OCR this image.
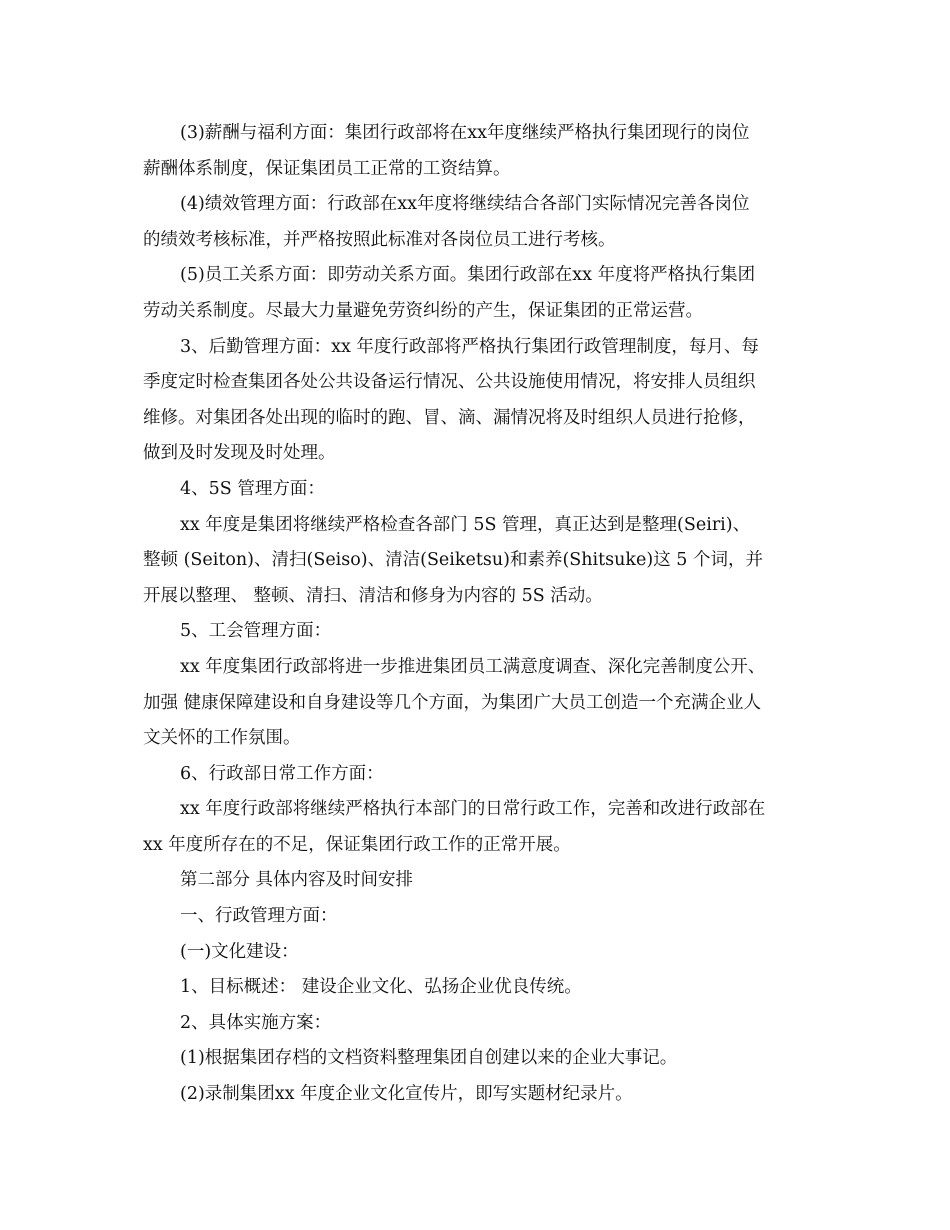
(3)薪酬与福利方面：集团行政部将在xx年度继续严格执行集团现行的岗位
薪酬体系制度，保证集团员工正常的工资结算。

(4)绩效管理方面：行政部在xx年度将继续结合各部门实际情况完善各岗位
的绩效考核标准，并严格按照此标准对各岗位员工进行考核。

(5)员工关系方面：即劳动关系方面。集团行政部在xx 年度将严格执行集团
劳动关系制度。尽最大力量避免劳资纠纷的产生，保证集团的正常运营。

3、后勤管理方面：xx 年度行政部将严格执行集团行政管理制度，每月、每
季度定时检查集团各处公共设备运行情况、公共设施使用情况，将安排人员组织
维修。对集团各处出现的临时的跑、冒、滴、漏情况将及时组织人员进行抢修，
做到及时发现及时处理。

4、5S 管理方面：

xx 年度是集团将继续严格检查各部门 5S 管理，真正达到是整理(Seiri)、
整顿 (Seiton)、清扫(Seiso)、清洁(Seiketsu)和素养(Shitsuke)这 5 个词，并
开展以整理、 整顿、清扫、清洁和修身为内容的 5S 活动。

5、工会管理方面：

xx 年度集团行政部将进一步推进集团员工满意度调查、深化完善制度公开、
加强 健康保障建设和自身建设等几个方面，为集团广大员工创造一个充满企业人
文关怀的工作氛围。

6、行政部日常工作方面：

xx 年度行政部将继续严格执行本部门的日常行政工作，完善和改进行政部在
xx 年度所存在的不足，保证集团行政工作的正常开展。

第二部分 具体内容及时间安排

一、行政管理方面：

(一)文化建设：

1、目标概述： 建设企业文化、弘扬企业优良传统。

2、具体实施方案：

(1)根据集团存档的文档资料整理集团自创建以来的企业大事记。

(2)录制集团xx 年度企业文化宣传片，即写实题材纪录片。
